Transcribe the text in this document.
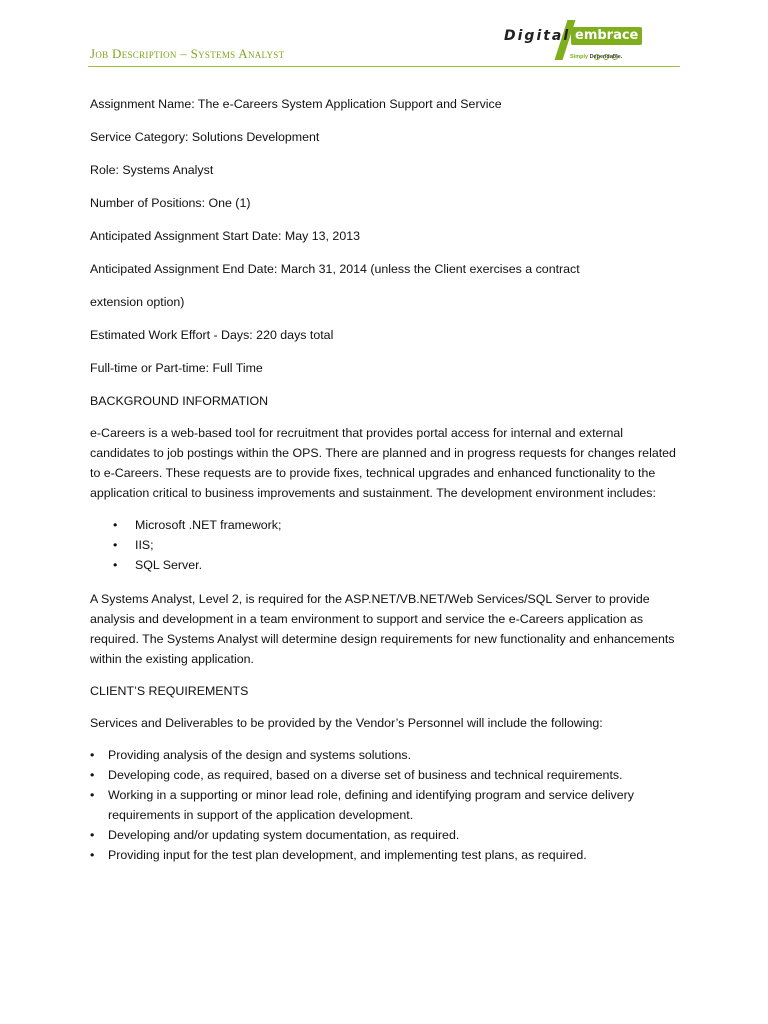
Job Description – Systems Analyst
Digital embrace
Simply Dependable.
Assignment Name: The e-Careers System Application Support and Service
Service Category: Solutions Development
Role: Systems Analyst
Number of Positions: One (1)
Anticipated Assignment Start Date: May 13, 2013
Anticipated Assignment End Date: March 31, 2014 (unless the Client exercises a contract
extension option)
Estimated Work Effort - Days: 220 days total
Full-time or Part-time: Full Time
BACKGROUND INFORMATION

e-Careers is a web-based tool for recruitment that provides portal access for internal and external candidates to job postings within the OPS. There are planned and in progress requests for changes related to e-Careers. These requests are to provide fixes, technical upgrades and enhanced functionality to the application critical to business improvements and sustainment. The development environment includes:

• Microsoft .NET framework;
• IIS;
• SQL Server.

A Systems Analyst, Level 2, is required for the ASP.NET/VB.NET/Web Services/SQL Server to provide analysis and development in a team environment to support and service the e-Careers application as required. The Systems Analyst will determine design requirements for new functionality and enhancements within the existing application.

CLIENT’S REQUIREMENTS

Services and Deliverables to be provided by the Vendor’s Personnel will include the following:

• Providing analysis of the design and systems solutions.
• Developing code, as required, based on a diverse set of business and technical requirements.
• Working in a supporting or minor lead role, defining and identifying program and service delivery requirements in support of the application development.
• Developing and/or updating system documentation, as required.
• Providing input for the test plan development, and implementing test plans, as required.
